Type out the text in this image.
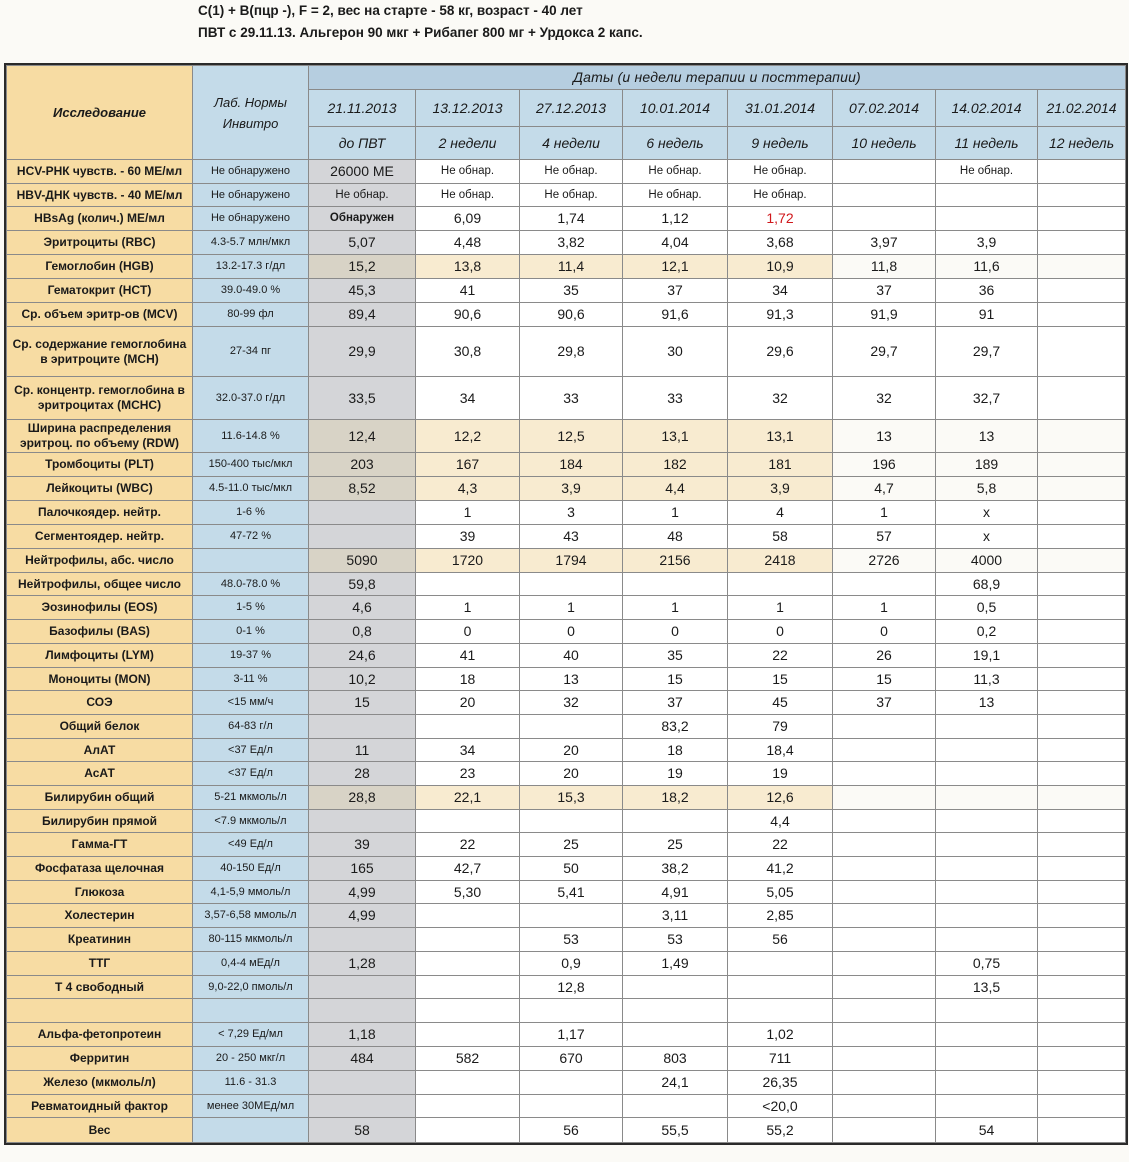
C(1) + B(пцр -), F = 2, вес на старте - 58 кг, возраст - 40 лет
ПВТ с 29.11.13. Альгерон 90 мкг + Рибапег 800 мг + Урдокса 2 капс.
Исследование	Лаб. Нормы Инвитро	Даты (и недели терапии и посттерапии)							
		21.11.2013	13.12.2013	27.12.2013	10.01.2014	31.01.2014	07.02.2014	14.02.2014	21.02.2014
		до ПВТ	2 недели	4 недели	6 недель	9 недель	10 недель	11 недель	12 недель
HCV-РНК чувств. - 60 МЕ/мл	Не обнаружено	26000 МЕ	Не обнар.	Не обнар.	Не обнар.	Не обнар.		Не обнар.	
HBV-ДНК чувств. - 40 МЕ/мл	Не обнаружено	Не обнар.	Не обнар.	Не обнар.	Не обнар.	Не обнар.			
HBsAg (колич.) МЕ/мл	Не обнаружено	Обнаружен	6,09	1,74	1,12	1,72			
Эритроциты (RBC)	4.3-5.7 млн/мкл	5,07	4,48	3,82	4,04	3,68	3,97	3,9	
Гемоглобин (HGB)	13.2-17.3 г/дл	15,2	13,8	11,4	12,1	10,9	11,8	11,6	
Гематокрит (HCT)	39.0-49.0 %	45,3	41	35	37	34	37	36	
Ср. объем эритр-ов (MCV)	80-99 фл	89,4	90,6	90,6	91,6	91,3	91,9	91	
Ср. содержание гемоглобина в эритроците (MCH)	27-34 пг	29,9	30,8	29,8	30	29,6	29,7	29,7	
Ср. концентр. гемоглобина в эритроцитах (MCHC)	32.0-37.0 г/дл	33,5	34	33	33	32	32	32,7	
Ширина распределения эритроц. по объему (RDW)	11.6-14.8 %	12,4	12,2	12,5	13,1	13,1	13	13	
Тромбоциты (PLT)	150-400 тыс/мкл	203	167	184	182	181	196	189	
Лейкоциты (WBC)	4.5-11.0 тыс/мкл	8,52	4,3	3,9	4,4	3,9	4,7	5,8	
Палочкоядер. нейтр.	1-6 %		1	3	1	4	1	x	
Сегментоядер. нейтр.	47-72 %		39	43	48	58	57	x	
Нейтрофилы, абс. число		5090	1720	1794	2156	2418	2726	4000	
Нейтрофилы, общее число	48.0-78.0 %	59,8						68,9	
Эозинофилы (EOS)	1-5 %	4,6	1	1	1	1	1	0,5	
Базофилы (BAS)	0-1 %	0,8	0	0	0	0	0	0,2	
Лимфоциты (LYM)	19-37 %	24,6	41	40	35	22	26	19,1	
Моноциты (MON)	3-11 %	10,2	18	13	15	15	15	11,3	
СОЭ	<15 мм/ч	15	20	32	37	45	37	13	
Общий белок	64-83 г/л				83,2	79			
АлАТ	<37 Ед/л	11	34	20	18	18,4			
АсАТ	<37 Ед/л	28	23	20	19	19			
Билирубин общий	5-21 мкмоль/л	28,8	22,1	15,3	18,2	12,6			
Билирубин прямой	<7.9 мкмоль/л					4,4			
Гамма-ГТ	<49 Ед/л	39	22	25	25	22			
Фосфатаза щелочная	40-150 Ед/л	165	42,7	50	38,2	41,2			
Глюкоза	4,1-5,9 ммоль/л	4,99	5,30	5,41	4,91	5,05			
Холестерин	3,57-6,58 ммоль/л	4,99			3,11	2,85			
Креатинин	80-115 мкмоль/л			53	53	56			
ТТГ	0,4-4 мЕд/л	1,28		0,9	1,49			0,75	
Т 4 свободный	9,0-22,0 пмоль/л			12,8				13,5	

Альфа-фетопротеин	< 7,29 Ед/мл	1,18		1,17		1,02			
Ферритин	20 - 250 мкг/л	484	582	670	803	711			
Железо (мкмоль/л)	11.6 - 31.3				24,1	26,35			
Ревматоидный фактор	менее 30МЕд/мл					<20,0			
Вес		58		56	55,5	55,2		54	
